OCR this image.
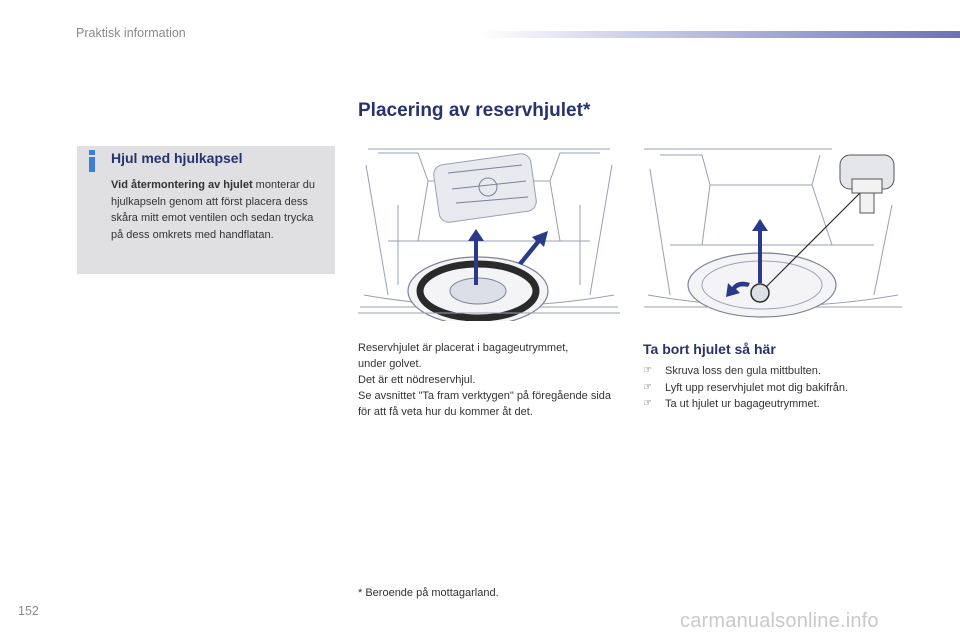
Praktisk information
Placering av reservhjulet*
Hjul med hjulkapsel
Vid återmontering av hjulet monterar du hjulkapseln genom att först placera dess skåra mitt emot ventilen och sedan trycka på dess omkrets med handflatan.
Reservhjulet är placerat i bagageutrymmet,
under golvet.
Det är ett nödreservhjul.
Se avsnittet "Ta fram verktygen" på föregående sida för att få veta hur du kommer åt det.
Ta bort hjulet så här
☞ Skruva loss den gula mittbulten.
☞ Lyft upp reservhjulet mot dig bakifrån.
☞ Ta ut hjulet ur bagageutrymmet.
* Beroende på mottagarland.
152	carmanualsonline.info
